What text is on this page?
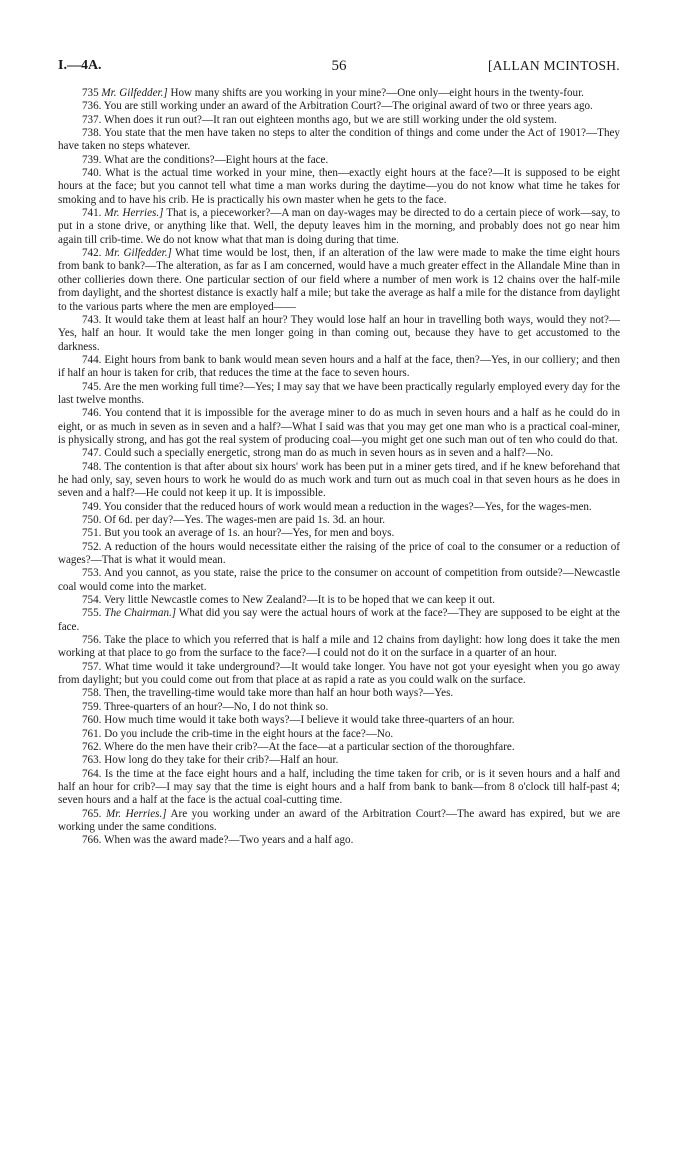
I.—4A.	56	[ALLAN MCINTOSH.

735 Mr. Gilfedder.] How many shifts are you working in your mine?—One only—eight hours in the twenty-four.

736. You are still working under an award of the Arbitration Court?—The original award of two or three years ago.

737. When does it run out?—It ran out eighteen months ago, but we are still working under the old system.

738. You state that the men have taken no steps to alter the condition of things and come under the Act of 1901?—They have taken no steps whatever.

739. What are the conditions?—Eight hours at the face.

740. What is the actual time worked in your mine, then—exactly eight hours at the face?—It is supposed to be eight hours at the face; but you cannot tell what time a man works during the daytime—you do not know what time he takes for smoking and to have his crib. He is practically his own master when he gets to the face.

741. Mr. Herries.] That is, a pieceworker?—A man on day-wages may be directed to do a certain piece of work—say, to put in a stone drive, or anything like that. Well, the deputy leaves him in the morning, and probably does not go near him again till crib-time. We do not know what that man is doing during that time.

742. Mr. Gilfedder.] What time would be lost, then, if an alteration of the law were made to make the time eight hours from bank to bank?—The alteration, as far as I am concerned, would have a much greater effect in the Allandale Mine than in other collieries down there. One particular section of our field where a number of men work is 12 chains over the half-mile from daylight, and the shortest distance is exactly half a mile; but take the average as half a mile for the distance from daylight to the various parts where the men are employed——

743. It would take them at least half an hour? They would lose half an hour in travelling both ways, would they not?—Yes, half an hour. It would take the men longer going in than coming out, because they have to get accustomed to the darkness.

744. Eight hours from bank to bank would mean seven hours and a half at the face, then?—Yes, in our colliery; and then if half an hour is taken for crib, that reduces the time at the face to seven hours.

745. Are the men working full time?—Yes; I may say that we have been practically regularly employed every day for the last twelve months.

746. You contend that it is impossible for the average miner to do as much in seven hours and a half as he could do in eight, or as much in seven as in seven and a half?—What I said was that you may get one man who is a practical coal-miner, is physically strong, and has got the real system of producing coal—you might get one such man out of ten who could do that.

747. Could such a specially energetic, strong man do as much in seven hours as in seven and a half?—No.

748. The contention is that after about six hours' work has been put in a miner gets tired, and if he knew beforehand that he had only, say, seven hours to work he would do as much work and turn out as much coal in that seven hours as he does in seven and a half?—He could not keep it up. It is impossible.

749. You consider that the reduced hours of work would mean a reduction in the wages?—Yes, for the wages-men.

750. Of 6d. per day?—Yes. The wages-men are paid 1s. 3d. an hour.

751. But you took an average of 1s. an hour?—Yes, for men and boys.

752. A reduction of the hours would necessitate either the raising of the price of coal to the consumer or a reduction of wages?—That is what it would mean.

753. And you cannot, as you state, raise the price to the consumer on account of competition from outside?—Newcastle coal would come into the market.

754. Very little Newcastle comes to New Zealand?—It is to be hoped that we can keep it out.

755. The Chairman.] What did you say were the actual hours of work at the face?—They are supposed to be eight at the face.

756. Take the place to which you referred that is half a mile and 12 chains from daylight: how long does it take the men working at that place to go from the surface to the face?—I could not do it on the surface in a quarter of an hour.

757. What time would it take underground?—It would take longer. You have not got your eyesight when you go away from daylight; but you could come out from that place at as rapid a rate as you could walk on the surface.

758. Then, the travelling-time would take more than half an hour both ways?—Yes.

759. Three-quarters of an hour?—No, I do not think so.

760. How much time would it take both ways?—I believe it would take three-quarters of an hour.

761. Do you include the crib-time in the eight hours at the face?—No.

762. Where do the men have their crib?—At the face—at a particular section of the thoroughfare.

763. How long do they take for their crib?—Half an hour.

764. Is the time at the face eight hours and a half, including the time taken for crib, or is it seven hours and a half and half an hour for crib?—I may say that the time is eight hours and a half from bank to bank—from 8 o'clock till half-past 4; seven hours and a half at the face is the actual coal-cutting time.

765. Mr. Herries.] Are you working under an award of the Arbitration Court?—The award has expired, but we are working under the same conditions.

766. When was the award made?—Two years and a half ago.
